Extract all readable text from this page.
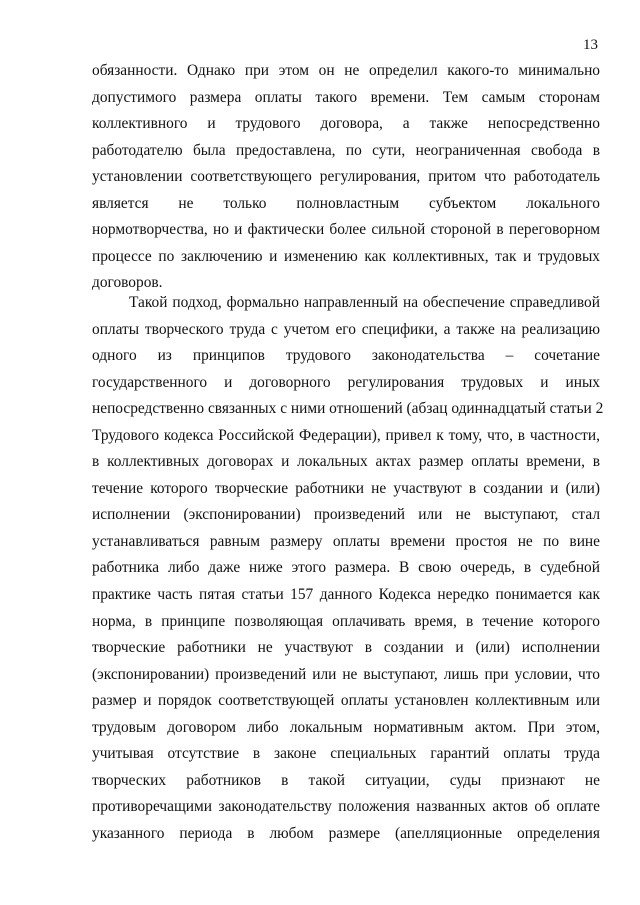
13
обязанности. Однако при этом он не определил какого-то минимально
допустимого размера оплаты такого времени. Тем самым сторонам
коллективного и трудового договора, а также непосредственно
работодателю была предоставлена, по сути, неограниченная свобода в
установлении соответствующего регулирования, притом что работодатель
является не только полновластным субъектом локального
нормотворчества, но и фактически более сильной стороной в переговорном
процессе по заключению и изменению как коллективных, так и трудовых
договоров.
Такой подход, формально направленный на обеспечение справедливой
оплаты творческого труда с учетом его специфики, а также на реализацию
одного из принципов трудового законодательства – сочетание
государственного и договорного регулирования трудовых и иных
непосредственно связанных с ними отношений (абзац одиннадцатый статьи 2
Трудового кодекса Российской Федерации), привел к тому, что, в частности,
в коллективных договорах и локальных актах размер оплаты времени, в
течение которого творческие работники не участвуют в создании и (или)
исполнении (экспонировании) произведений или не выступают, стал
устанавливаться равным размеру оплаты времени простоя не по вине
работника либо даже ниже этого размера. В свою очередь, в судебной
практике часть пятая статьи 157 данного Кодекса нередко понимается как
норма, в принципе позволяющая оплачивать время, в течение которого
творческие работники не участвуют в создании и (или) исполнении
(экспонировании) произведений или не выступают, лишь при условии, что
размер и порядок соответствующей оплаты установлен коллективным или
трудовым договором либо локальным нормативным актом. При этом,
учитывая отсутствие в законе специальных гарантий оплаты труда
творческих работников в такой ситуации, суды признают не
противоречащими законодательству положения названных актов об оплате
указанного периода в любом размере (апелляционные определения
